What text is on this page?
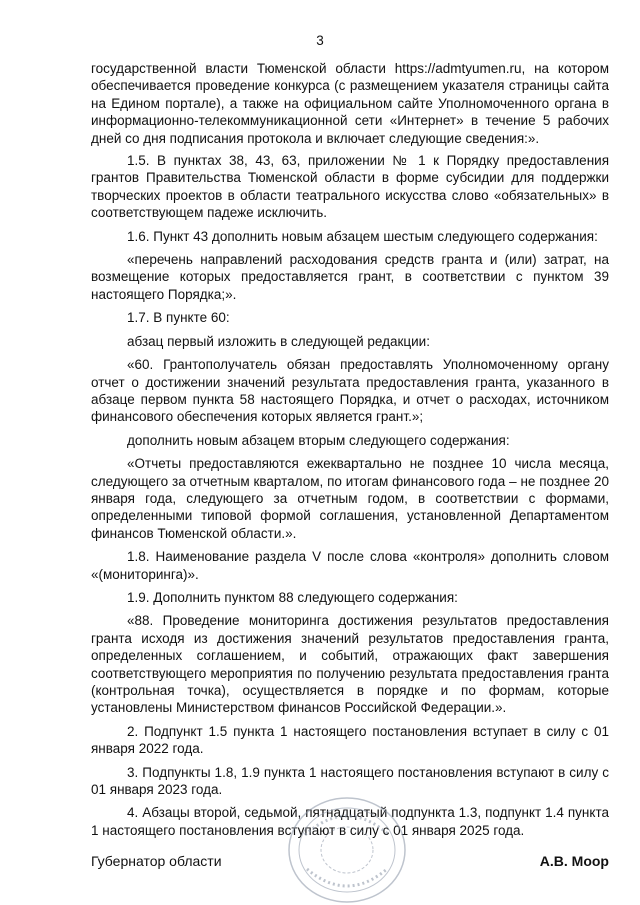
3

государственной власти Тюменской области https://admtyumen.ru, на котором обеспечивается проведение конкурса (с размещением указателя страницы сайта на Едином портале), а также на официальном сайте Уполномоченного органа в информационно-телекоммуникационной сети «Интернет» в течение 5 рабочих дней со дня подписания протокола и включает следующие сведения:».

1.5. В пунктах 38, 43, 63, приложении № 1 к Порядку предоставления грантов Правительства Тюменской области в форме субсидии для поддержки творческих проектов в области театрального искусства слово «обязательных» в соответствующем падеже исключить.

1.6. Пункт 43 дополнить новым абзацем шестым следующего содержания:

«перечень направлений расходования средств гранта и (или) затрат, на возмещение которых предоставляется грант, в соответствии с пунктом 39 настоящего Порядка;».

1.7. В пункте 60:

абзац первый изложить в следующей редакции:

«60. Грантополучатель обязан предоставлять Уполномоченному органу отчет о достижении значений результата предоставления гранта, указанного в абзаце первом пункта 58 настоящего Порядка, и отчет о расходах, источником финансового обеспечения которых является грант.»;

дополнить новым абзацем вторым следующего содержания:

«Отчеты предоставляются ежеквартально не позднее 10 числа месяца, следующего за отчетным кварталом, по итогам финансового года – не позднее 20 января года, следующего за отчетным годом, в соответствии с формами, определенными типовой формой соглашения, установленной Департаментом финансов Тюменской области.».

1.8. Наименование раздела V после слова «контроля» дополнить словом «(мониторинга)».

1.9. Дополнить пунктом 88 следующего содержания:

«88. Проведение мониторинга достижения результатов предоставления гранта исходя из достижения значений результатов предоставления гранта, определенных соглашением, и событий, отражающих факт завершения соответствующего мероприятия по получению результата предоставления гранта (контрольная точка), осуществляется в порядке и по формам, которые установлены Министерством финансов Российской Федерации.».

2. Подпункт 1.5 пункта 1 настоящего постановления вступает в силу с 01 января 2022 года.

3. Подпункты 1.8, 1.9 пункта 1 настоящего постановления вступают в силу с 01 января 2023 года.

4. Абзацы второй, седьмой, пятнадцатый подпункта 1.3, подпункт 1.4 пункта 1 настоящего постановления вступают в силу с 01 января 2025 года.

Губернатор области	А.В. Моор
